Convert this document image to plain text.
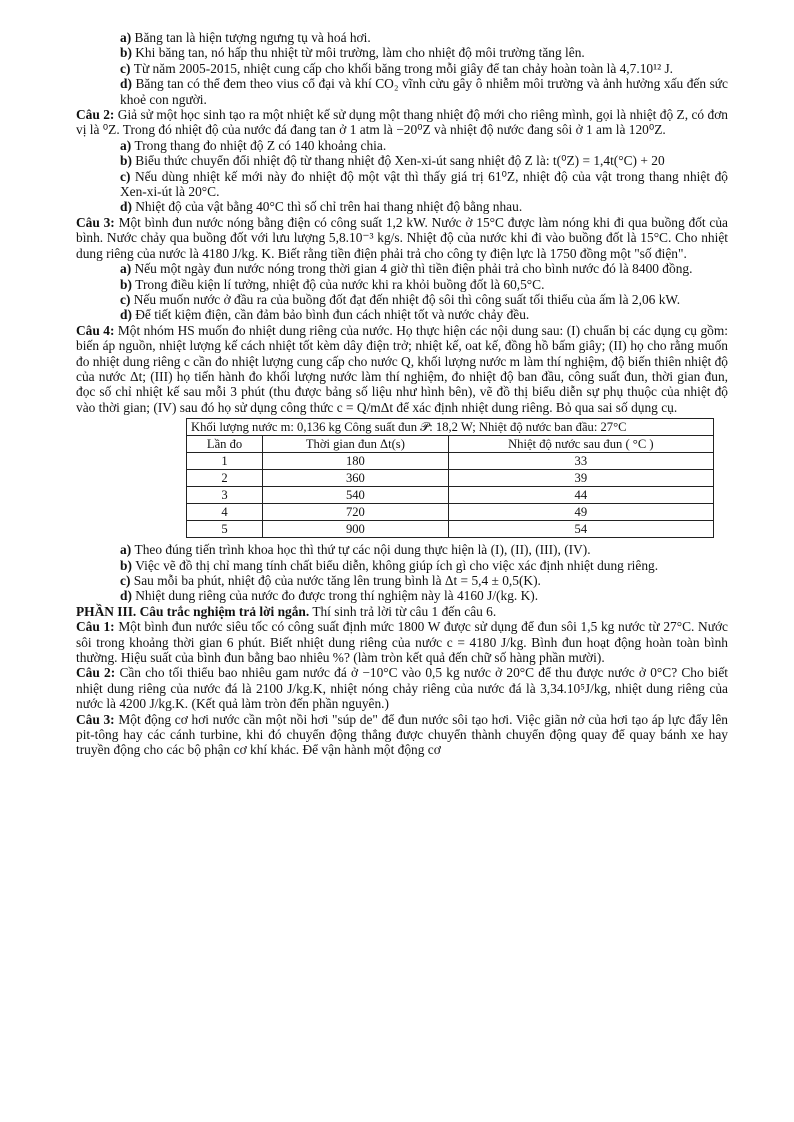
a) Băng tan là hiện tượng ngưng tụ và hoá hơi.

b) Khi băng tan, nó hấp thu nhiệt từ môi trường, làm cho nhiệt độ môi trường tăng lên.

c) Từ năm 2005-2015, nhiệt cung cấp cho khối băng trong mỗi giây để tan chảy hoàn toàn là 4,7.10¹² J.

d) Băng tan có thể đem theo vius cổ đại và khí CO₂ vĩnh cửu gây ô nhiễm môi trường và ảnh hưởng xấu đến sức khoẻ con người.

Câu 2: Giả sử một học sinh tạo ra một nhiệt kế sử dụng một thang nhiệt độ mới cho riêng mình, gọi là nhiệt độ Z, có đơn vị là ⁰Z. Trong đó nhiệt độ của nước đá đang tan ở 1 atm là −20⁰Z và nhiệt độ nước đang sôi ở 1 am là 120⁰Z.

a) Trong thang đo nhiệt độ Z có 140 khoảng chia.

b) Biểu thức chuyển đổi nhiệt độ từ thang nhiệt độ Xen-xi-út sang nhiệt độ Z là: t(⁰Z) = 1,4t(°C) + 20

c) Nếu dùng nhiệt kế mới này đo nhiệt độ một vật thì thấy giá trị 61⁰Z, nhiệt độ của vật trong thang nhiệt độ Xen-xi-út là 20°C.

d) Nhiệt độ của vật bằng 40°C thì số chỉ trên hai thang nhiệt độ bằng nhau.

Câu 3: Một bình đun nước nóng bằng điện có công suất 1,2 kW. Nước ở 15°C được làm nóng khi đi qua buồng đốt của bình. Nước chảy qua buồng đốt với lưu lượng 5,8.10⁻³ kg/s. Nhiệt độ của nước khi đi vào buồng đốt là 15°C. Cho nhiệt dung riêng của nước là 4180 J/kg. K. Biết rằng tiền điện phải trả cho công ty điện lực là 1750 đồng một "số điện".

a) Nếu một ngày đun nước nóng trong thời gian 4 giờ thì tiền điện phải trả cho bình nước đó là 8400 đồng.

b) Trong điều kiện lí tưởng, nhiệt độ của nước khi ra khỏi buồng đốt là 60,5°C.

c) Nếu muốn nước ở đầu ra của buồng đốt đạt đến nhiệt độ sôi thì công suất tối thiểu của ấm là 2,06 kW.

d) Để tiết kiệm điện, cần đảm bảo bình đun cách nhiệt tốt và nước chảy đều.

Câu 4: Một nhóm HS muốn đo nhiệt dung riêng của nước. Họ thực hiện các nội dung sau: (I) chuẩn bị các dụng cụ gồm: biến áp nguồn, nhiệt lượng kế cách nhiệt tốt kèm dây điện trở; nhiệt kế, oat kế, đồng hồ bấm giây; (II) họ cho rằng muốn đo nhiệt dung riêng c cần đo nhiệt lượng cung cấp cho nước Q, khối lượng nước m làm thí nghiệm, độ biến thiên nhiệt độ của nước Δt; (III) họ tiến hành đo khối lượng nước làm thí nghiệm, đo nhiệt độ ban đầu, công suất đun, thời gian đun, đọc số chỉ nhiệt kế sau mỗi 3 phút (thu được bảng số liệu như hình bên), vẽ đồ thị biểu diễn sự phụ thuộc của nhiệt độ vào thời gian; (IV) sau đó họ sử dụng công thức c = Q/mΔt để xác định nhiệt dung riêng. Bỏ qua sai số dụng cụ.

Khối lượng nước m: 0,136 kg Công suất đun 𝒫: 18,2 W; Nhiệt độ nước ban đầu: 27°C		
Lần đo	Thời gian đun Δt(s)	Nhiệt độ nước sau đun ( °C )
1	180	33
2	360	39
3	540	44
4	720	49
5	900	54

a) Theo đúng tiến trình khoa học thì thứ tự các nội dung thực hiện là (I), (II), (III), (IV).

b) Việc vẽ đồ thị chỉ mang tính chất biểu diễn, không giúp ích gì cho việc xác định nhiệt dung riêng.

c) Sau mỗi ba phút, nhiệt độ của nước tăng lên trung bình là Δt = 5,4 ± 0,5(K).

d) Nhiệt dung riêng của nước đo được trong thí nghiệm này là 4160 J/(kg. K).

PHẦN III. Câu trắc nghiệm trả lời ngắn. Thí sinh trả lời từ câu 1 đến câu 6.

Câu 1: Một bình đun nước siêu tốc có công suất định mức 1800 W được sử dụng để đun sôi 1,5 kg nước từ 27°C. Nước sôi trong khoảng thời gian 6 phút. Biết nhiệt dung riêng của nước c = 4180 J/kg. Bình đun hoạt động hoàn toàn bình thường. Hiệu suất của bình đun bằng bao nhiêu %? (làm tròn kết quả đến chữ số hàng phần mười).

Câu 2: Cần cho tối thiểu bao nhiêu gam nước đá ở −10°C vào 0,5 kg nước ở 20°C để thu được nước ở 0°C? Cho biết nhiệt dung riêng của nước đá là 2100 J/kg.K, nhiệt nóng chảy riêng của nước đá là 3,34.10⁵J/kg, nhiệt dung riêng của nước là 4200 J/kg.K. (Kết quả làm tròn đến phần nguyên.)

Câu 3: Một động cơ hơi nước cần một nồi hơi "súp de" để đun nước sôi tạo hơi. Việc giãn nở của hơi tạo áp lực đẩy lên pit-tông hay các cánh turbine, khi đó chuyển động thẳng được chuyển thành chuyển động quay để quay bánh xe hay truyền động cho các bộ phận cơ khí khác. Để vận hành một động cơ
